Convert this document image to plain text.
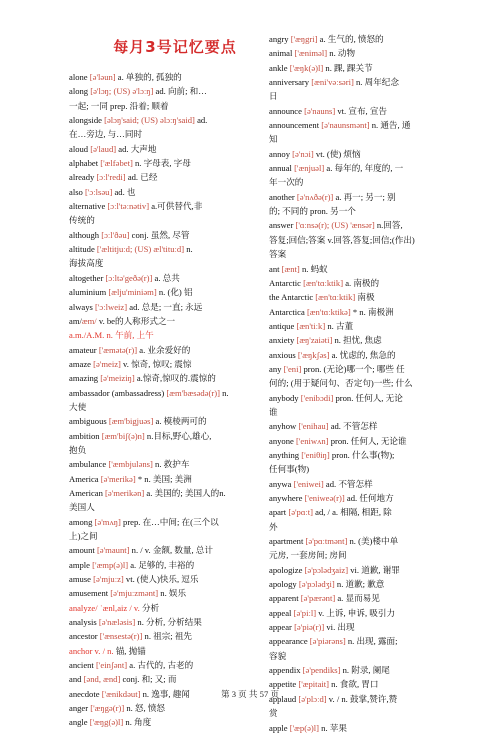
每月3号记忆要点
alone [ə'ləun] a. 单独的, 孤独的
along [ə'lɔŋ; (US) ə'lɔːŋ] ad. 向前; 和…
一起; 一同 prep. 沿着; 顺着
alongside [əlɔŋ'said; (US) əlɔːŋ'said] ad.
在…旁边, 与…同时
aloud [ə'laud] ad. 大声地
alphabet ['ælfəbet] n. 字母表, 字母
already [ɔːl'redi] ad. 已经
also ['ɔːlsəu] ad. 也
alternative [ɔːl'təːnətiv] a.可供替代,非
传统的
although [ɔːl'ðəu] conj. 虽然, 尽管
altitude ['æltitjuːd; (US) æl'tituːd] n.
海拔高度
altogether [ɔːltə'geðə(r)] a. 总共
aluminium [ælju'miniəm] n. (化) 铝
always ['ɔːlweiz] ad. 总是; 一直; 永远
am/æm/ v. be的人称形式之一
a.m./A.M. n. 午前, 上午
amateur ['æmətə(r)] a. 业余爱好的
amaze [ə'meiz] v. 惊奇, 惊叹; 震惊
amazing [ə'meiziŋ] a.惊奇,惊叹的.震惊的
ambassador (ambassadress) [æm'bæsədə(r)] n.
大使
ambiguous [æm'bigjuəs] a. 模棱两可的
ambition [æm'biʃ(ə)n] n.目标,野心,雄心,
抱负
ambulance ['æmbjuləns] n. 救护车
America [ə'merikə] * n. 美国; 美洲
American [ə'merikən] a. 美国的; 美国人的n.
美国人
among [ə'mʌŋ] prep. 在…中间; 在(三个以
上)之间
amount [ə'maunt] n. / v. 金额, 数量, 总计
ample ['æmp(ə)l] a. 足够的, 丰裕的
amuse [ə'mjuːz] vt. (使人)快乐, 逗乐
amusement [ə'mjuːzmənt] n. 娱乐
analyze/ ˈænl,aiz / v. 分析
analysis [ə'næləsis] n. 分析, 分析结果
ancestor ['ænsestə(r)] n. 祖宗; 祖先
anchor v. / n. 锚, 抛锚
ancient ['einʃənt] a. 古代的, 古老的
and [ənd, ænd] conj. 和; 又; 而
anecdote ['ænikdəut] n. 逸事, 趣闻
anger ['æŋgə(r)] n. 怒, 愤怒
angle ['æŋg(ə)l] n. 角度
angry ['æŋgri] a. 生气的, 愤怒的
animal ['æniməl] n. 动物
ankle ['æŋk(ə)l] n. 踝, 踝关节
anniversary [æni'vəːsəri] n. 周年纪念
日
announce [ə'nauns] vt. 宣布, 宣告
announcement [ə'naunsmənt] n. 通告, 通
知
annoy [ə'nɔi] vt. (使) 烦恼
annual ['ænjuəl] a. 每年的, 年度的, 一
年一次的
another [ə'nʌðə(r)] a. 再一; 另一; 别
的; 不同的 pron. 另一个
answer ['ɑːnsə(r); (US) 'ænsər] n.回答,
答复;回信;答案 v.回答,答复;回信;(作出)
答案
ant [ænt] n. 蚂蚁
Antarctic [æn'tɑːktik] a. 南极的
the Antarctic [æn'tɑːktik] 南极
Antarctica [æn'tɑːktikə] * n. 南极洲
antique [æn'tiːk] n. 古董
anxiety [æŋ'zaiəti] n. 担忧, 焦虑
anxious ['æŋkʃəs] a. 忧虑的, 焦急的
any ['eni] pron. (无论)哪一个; 哪些 任
何的; (用于疑问句、否定句)一些; 什么
anybody ['enibɔdi] pron. 任何人, 无论
谁
anyhow ['enihau] ad. 不管怎样
anyone ['eniwʌn] pron. 任何人, 无论谁
anything ['eniθiŋ] pron. 什么事(物);
任何事(物)
anywa ['eniwei] ad. 不管怎样
anywhere ['eniweə(r)] ad. 任何地方
apart [ə'pɑːt] ad, / a. 相隔, 相距, 除
外
apartment [ə'pɑːtmənt] n. (美)楼中单
元房, 一套房间; 房间
apologize [ə'pɔlədʒaiz] vi. 道歉, 谢罪
apology [ə'pɔlədʒi] n. 道歉; 歉意
apparent [ə'pærənt] a. 显而易见
appeal [ə'piːl] v. 上诉, 申诉, 吸引力
appear [ə'piə(r)] vi. 出现
appearance [ə'piərəns] n. 出现, 露面;
容貌
appendix [ə'pendiks] n. 附录, 阑尾
appetite ['æpitait] n. 食欲, 胃口
applaud [ə'plɔːd] v. / n. 鼓掌,赞许,赞
赏
apple ['æp(ə)l] n. 苹果
第 3 页 共 57 页
